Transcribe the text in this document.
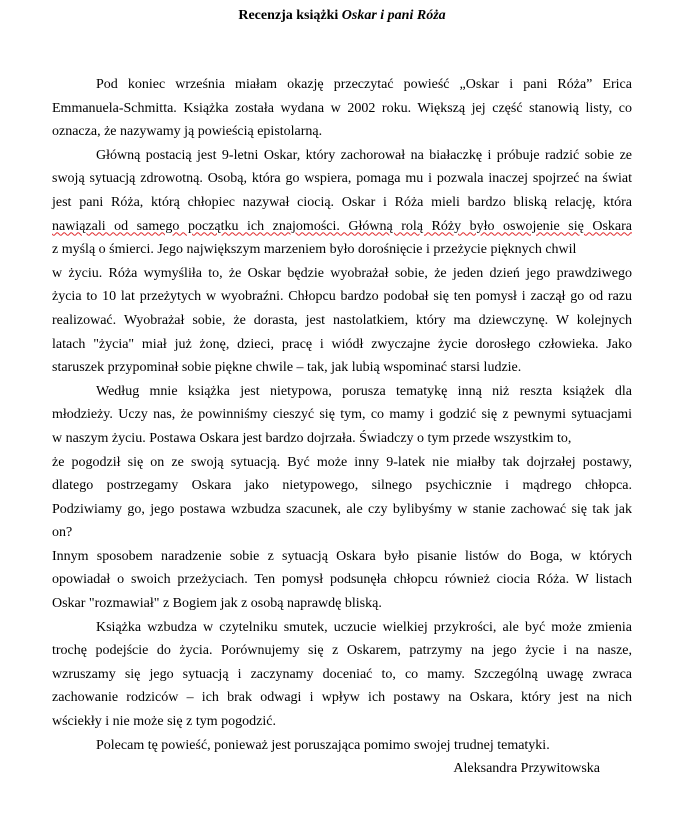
Recenzja książki Oskar i pani Róża

Pod koniec września miałam okazję przeczytać powieść „Oskar i pani Róża” Erica
Emmanuela-Schmitta. Książka została wydana w 2002 roku. Większą jej część stanowią listy, co
oznacza, że nazywamy ją powieścią epistolarną.

Główną postacią jest 9-letni Oskar, który zachorował na białaczkę i próbuje radzić sobie ze
swoją sytuacją zdrowotną. Osobą, która go wspiera, pomaga mu i pozwala inaczej spojrzeć na świat
jest pani Róża, którą chłopiec nazywał ciocią. Oskar i Róża mieli bardzo bliską relację, która
nawiązali od samego początku ich znajomości. Główną rolą Róży było oswojenie się Oskara
z myślą o śmierci. Jego największym marzeniem było dorośnięcie i przeżycie pięknych chwil
w życiu. Róża wymyśliła to, że Oskar będzie wyobrażał sobie, że jeden dzień jego prawdziwego
życia to 10 lat przeżytych w wyobraźni. Chłopcu bardzo podobał się ten pomysł i zaczął go od razu
realizować. Wyobrażał sobie, że dorasta, jest nastolatkiem, który ma dziewczynę. W kolejnych
latach "życia" miał już żonę, dzieci, pracę i wiódł zwyczajne życie dorosłego człowieka. Jako
staruszek przypominał sobie piękne chwile – tak, jak lubią wspominać starsi ludzie.

Według mnie książka jest nietypowa, porusza tematykę inną niż reszta książek dla
młodzieży. Uczy nas, że powinniśmy cieszyć się tym, co mamy i godzić się z pewnymi sytuacjami
w naszym życiu. Postawa Oskara jest bardzo dojrzała. Świadczy o tym przede wszystkim to,
że pogodził się on ze swoją sytuacją. Być może inny 9-latek nie miałby tak dojrzałej postawy,
dlatego postrzegamy Oskara jako nietypowego, silnego psychicznie i mądrego chłopca.
Podziwiamy go, jego postawa wzbudza szacunek, ale czy bylibyśmy w stanie zachować się tak jak
on?

Innym sposobem naradzenie sobie z sytuacją Oskara było pisanie listów do Boga, w których
opowiadał o swoich przeżyciach. Ten pomysł podsunęła chłopcu również ciocia Róża. W listach
Oskar "rozmawiał" z Bogiem jak z osobą naprawdę bliską.

Książka wzbudza w czytelniku smutek, uczucie wielkiej przykrości, ale być może zmienia
trochę podejście do życia. Porównujemy się z Oskarem, patrzymy na jego życie i na nasze,
wzruszamy się jego sytuacją i zaczynamy doceniać to, co mamy. Szczególną uwagę zwraca
zachowanie rodziców – ich brak odwagi i wpływ ich postawy na Oskara, który jest na nich
wściekły i nie może się z tym pogodzić.

Polecam tę powieść, ponieważ jest poruszająca pomimo swojej trudnej tematyki.

Aleksandra Przywitowska
